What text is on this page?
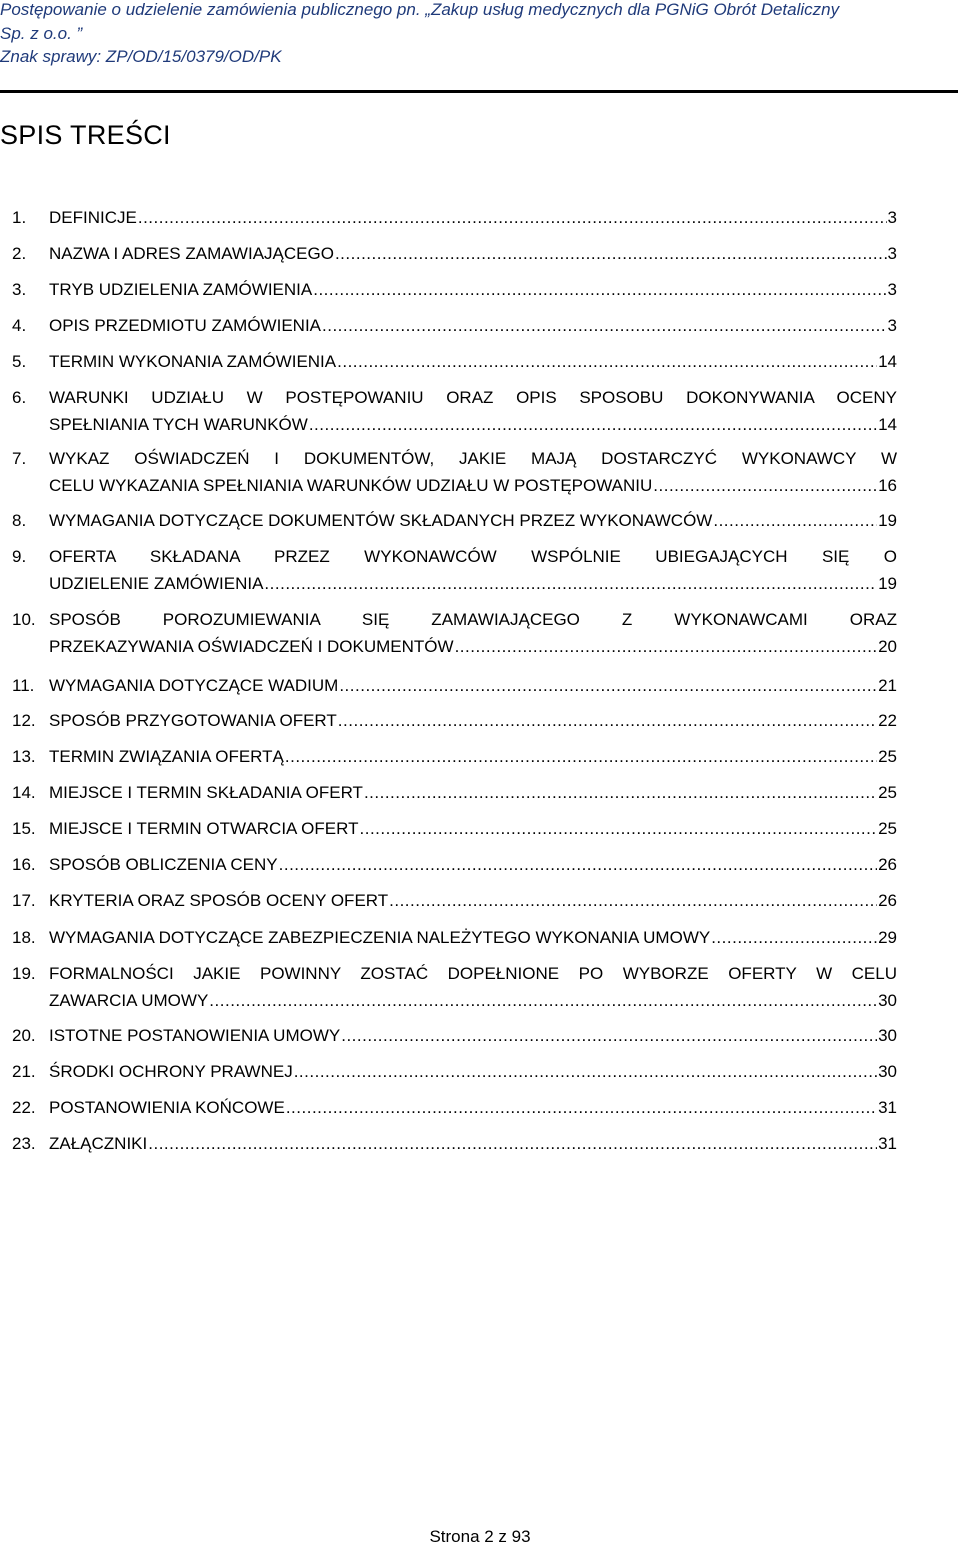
Postępowanie o udzielenie zamówienia publicznego pn. „Zakup usług medycznych dla PGNiG Obrót Detaliczny
Sp. z o.o. ”
Znak sprawy: ZP/OD/15/0379/OD/PK
SPIS TREŚCI
1. DEFINICJE .....	3
2. NAZWA I ADRES ZAMAWIAJĄCEGO .....	3
3. TRYB UDZIELENIA ZAMÓWIENIA .....	3
4. OPIS PRZEDMIOTU ZAMÓWIENIA .....	3
5. TERMIN WYKONANIA ZAMÓWIENIA .....	14
6. WARUNKI UDZIAŁU W POSTĘPOWANIU ORAZ OPIS SPOSOBU DOKONYWANIA OCENY
SPEŁNIANIA TYCH WARUNKÓW .....	14
7. WYKAZ OŚWIADCZEŃ I DOKUMENTÓW, JAKIE MAJĄ DOSTARCZYĆ WYKONAWCY W
CELU WYKAZANIA SPEŁNIANIA WARUNKÓW UDZIAŁU W POSTĘPOWANIU .....	16
8. WYMAGANIA DOTYCZĄCE DOKUMENTÓW SKŁADANYCH PRZEZ WYKONAWCÓW .....	19
9. OFERTA SKŁADANA PRZEZ WYKONAWCÓW WSPÓLNIE UBIEGAJĄCYCH SIĘ O
UDZIELENIE ZAMÓWIENIA .....	19
10. SPOSÓB POROZUMIEWANIA SIĘ ZAMAWIAJĄCEGO Z WYKONAWCAMI ORAZ
PRZEKAZYWANIA OŚWIADCZEŃ I DOKUMENTÓW .....	20
11. WYMAGANIA DOTYCZĄCE WADIUM .....	21
12. SPOSÓB PRZYGOTOWANIA OFERT .....	22
13. TERMIN ZWIĄZANIA OFERTĄ .....	25
14. MIEJSCE I TERMIN SKŁADANIA OFERT .....	25
15. MIEJSCE I TERMIN OTWARCIA OFERT .....	25
16. SPOSÓB OBLICZENIA CENY .....	26
17. KRYTERIA ORAZ SPOSÓB OCENY OFERT .....	26
18. WYMAGANIA DOTYCZĄCE ZABEZPIECZENIA NALEŻYTEGO WYKONANIA UMOWY .....	29
19. FORMALNOŚCI JAKIE POWINNY ZOSTAĆ DOPEŁNIONE PO WYBORZE OFERTY W CELU
ZAWARCIA UMOWY .....	30
20. ISTOTNE POSTANOWIENIA UMOWY .....	30
21. ŚRODKI OCHRONY PRAWNEJ .....	30
22. POSTANOWIENIA KOŃCOWE .....	31
23. ZAŁĄCZNIKI .....	31
Strona 2 z 93
